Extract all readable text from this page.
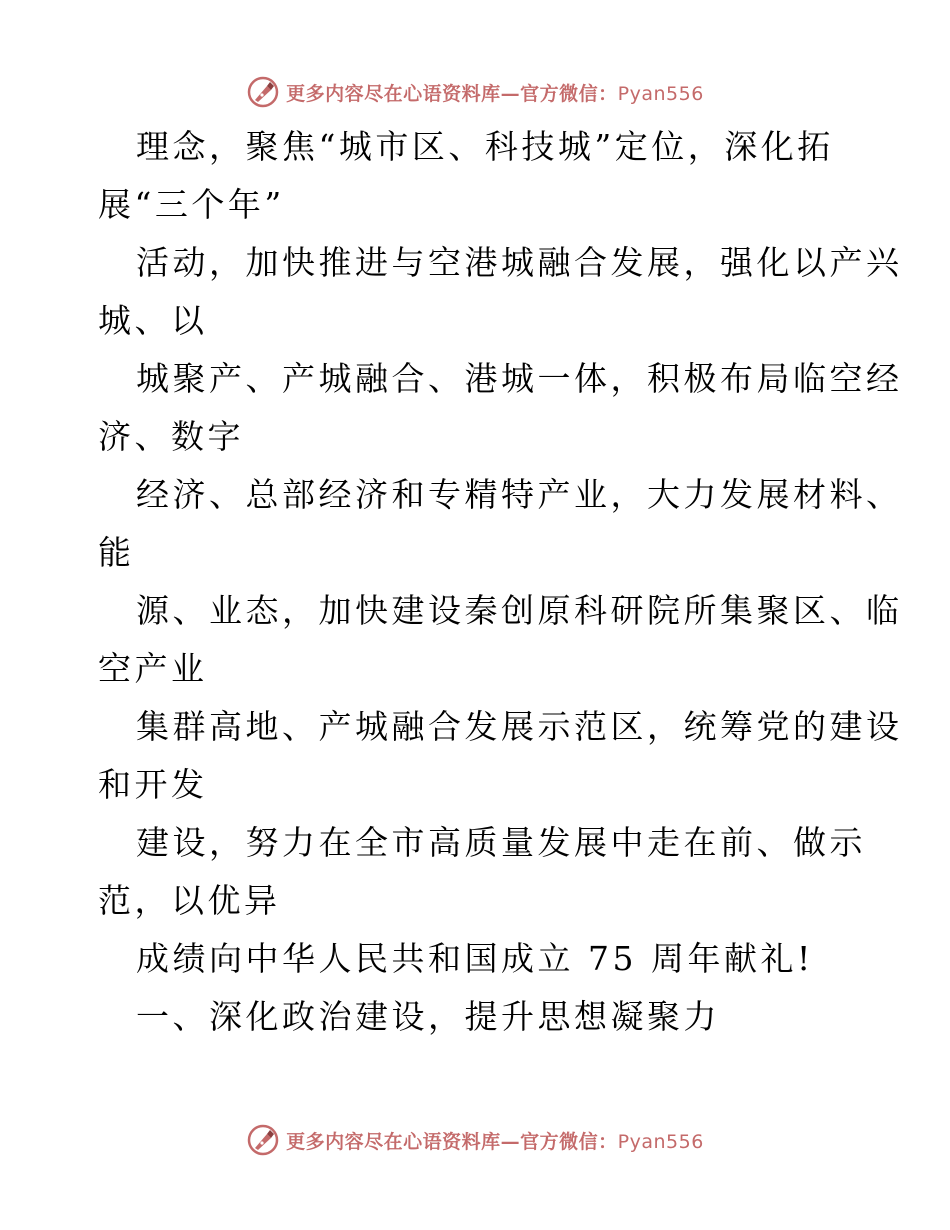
更多内容尽在心语资料库—官方微信：Pyan556
理念，聚焦“城市区、科技城”定位，深化拓
展“三个年”
活动，加快推进与空港城融合发展，强化以产兴
城、以
城聚产、产城融合、港城一体，积极布局临空经
济、数字
经济、总部经济和专精特产业，大力发展材料、
能
源、业态，加快建设秦创原科研院所集聚区、临
空产业
集群高地、产城融合发展示范区，统筹党的建设
和开发
建设，努力在全市高质量发展中走在前、做示
范，以优异
成绩向中华人民共和国成立 75 周年献礼!
一、深化政治建设，提升思想凝聚力
更多内容尽在心语资料库—官方微信：Pyan556
